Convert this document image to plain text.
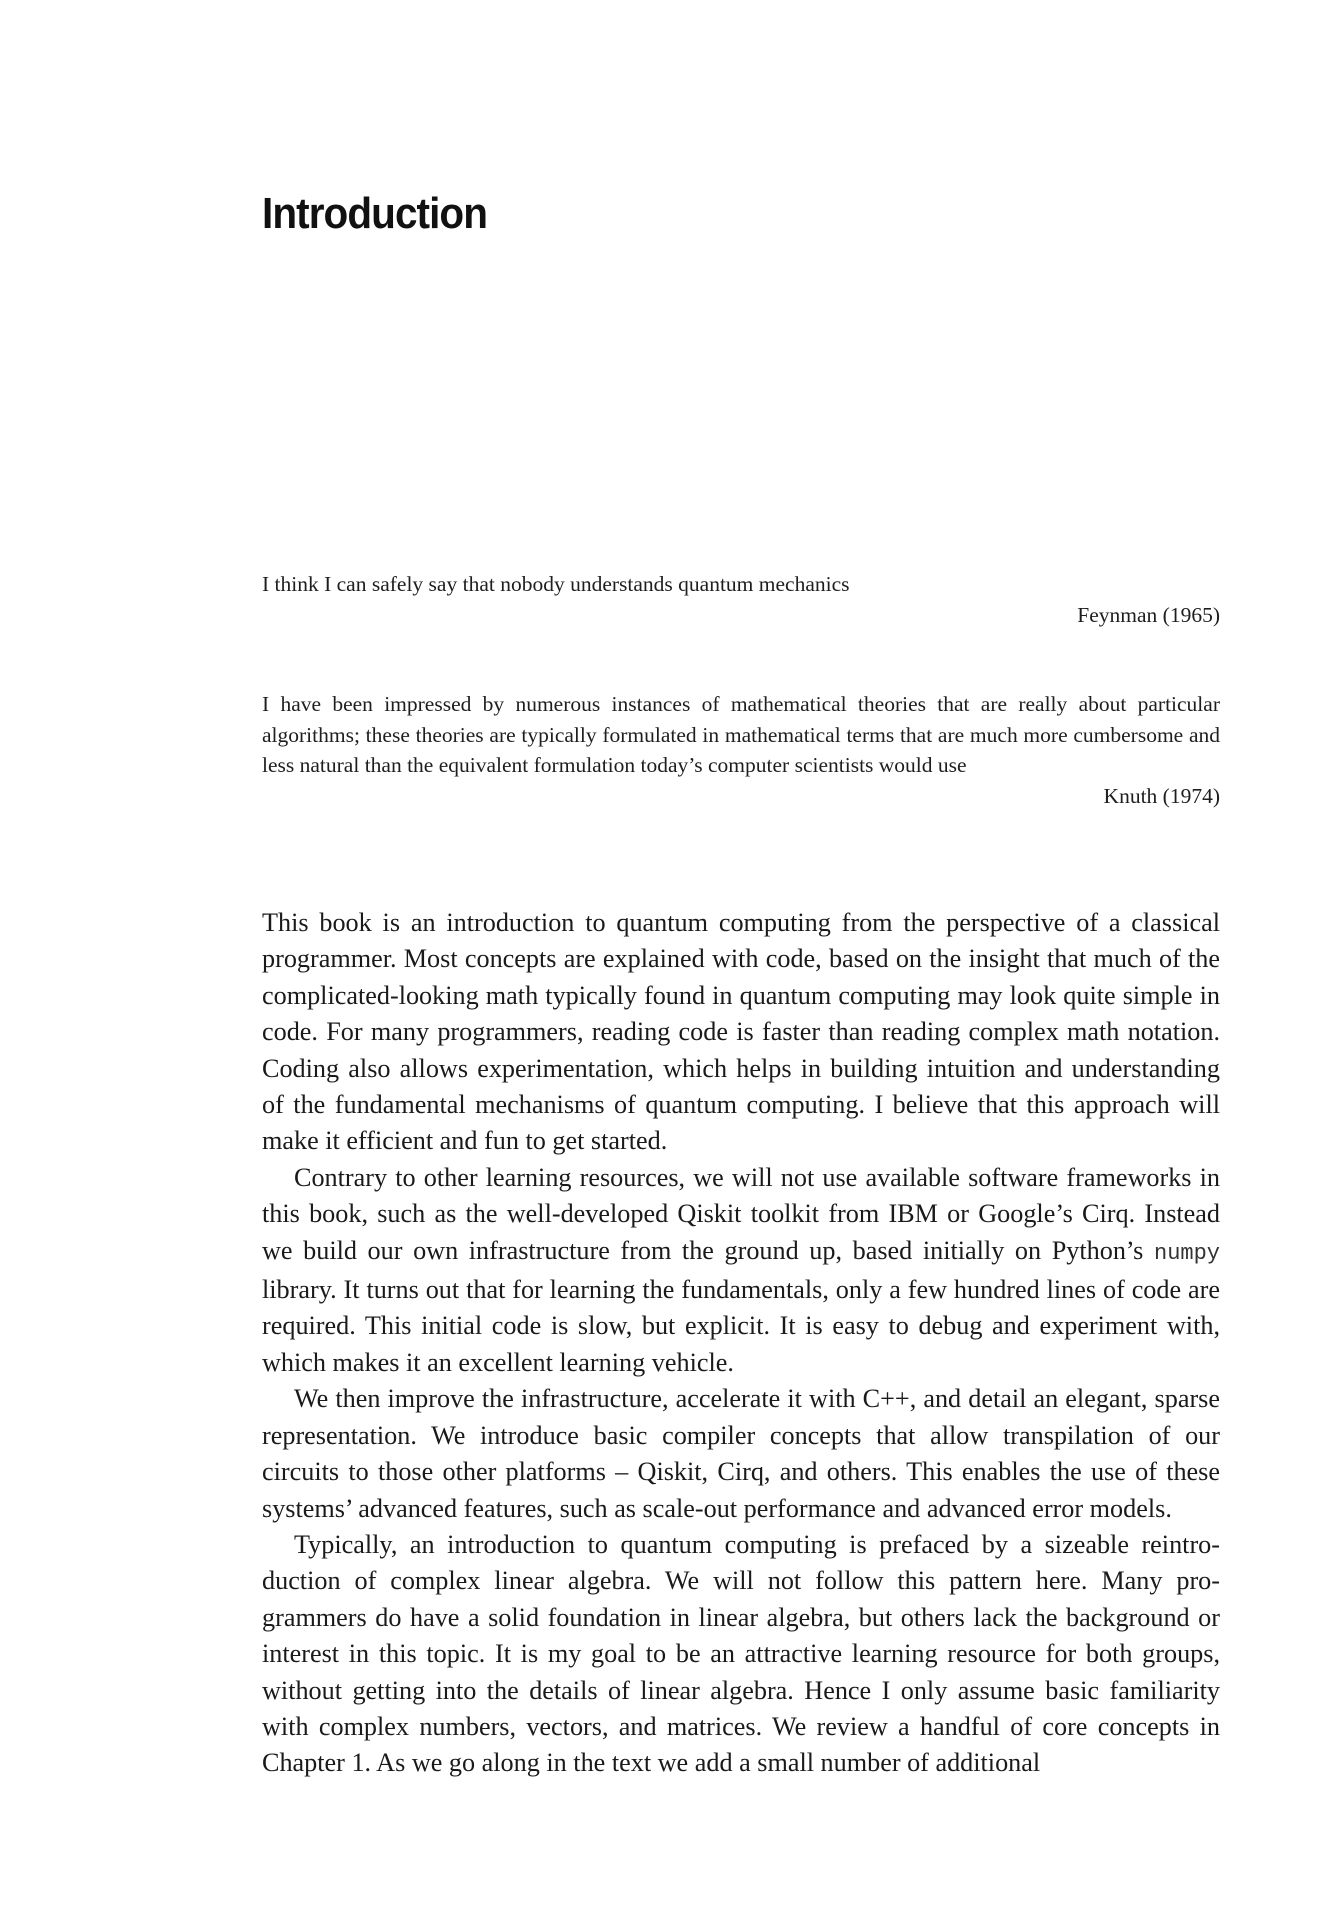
Introduction

I think I can safely say that nobody understands quantum mechanics

Feynman (1965)

I have been impressed by numerous instances of mathematical theories that are really about particular algorithms; these theories are typically formulated in mathematical terms that are much more cumbersome and less natural than the equivalent formulation today’s computer scientists would use

Knuth (1974)

This book is an introduction to quantum computing from the perspective of a classical programmer. Most concepts are explained with code, based on the insight that much of the complicated-looking math typically found in quantum computing may look quite simple in code. For many programmers, reading code is faster than reading complex math notation. Coding also allows experimentation, which helps in building intuition and understanding of the fundamental mechanisms of quantum computing. I believe that this approach will make it efficient and fun to get started.

Contrary to other learning resources, we will not use available software frameworks in this book, such as the well-developed Qiskit toolkit from IBM or Google’s Cirq. Instead we build our own infrastructure from the ground up, based initially on Python’s numpy library. It turns out that for learning the fundamentals, only a few hundred lines of code are required. This initial code is slow, but explicit. It is easy to debug and experiment with, which makes it an excellent learning vehicle.

We then improve the infrastructure, accelerate it with C++, and detail an elegant, sparse representation. We introduce basic compiler concepts that allow transpilation of our circuits to those other platforms – Qiskit, Cirq, and others. This enables the use of these systems’ advanced features, such as scale-out performance and advanced error models.

Typically, an introduction to quantum computing is prefaced by a sizeable reintroduction of complex linear algebra. We will not follow this pattern here. Many programmers do have a solid foundation in linear algebra, but others lack the background or interest in this topic. It is my goal to be an attractive learning resource for both groups, without getting into the details of linear algebra. Hence I only assume basic familiarity with complex numbers, vectors, and matrices. We review a handful of core concepts in Chapter 1. As we go along in the text we add a small number of additional
